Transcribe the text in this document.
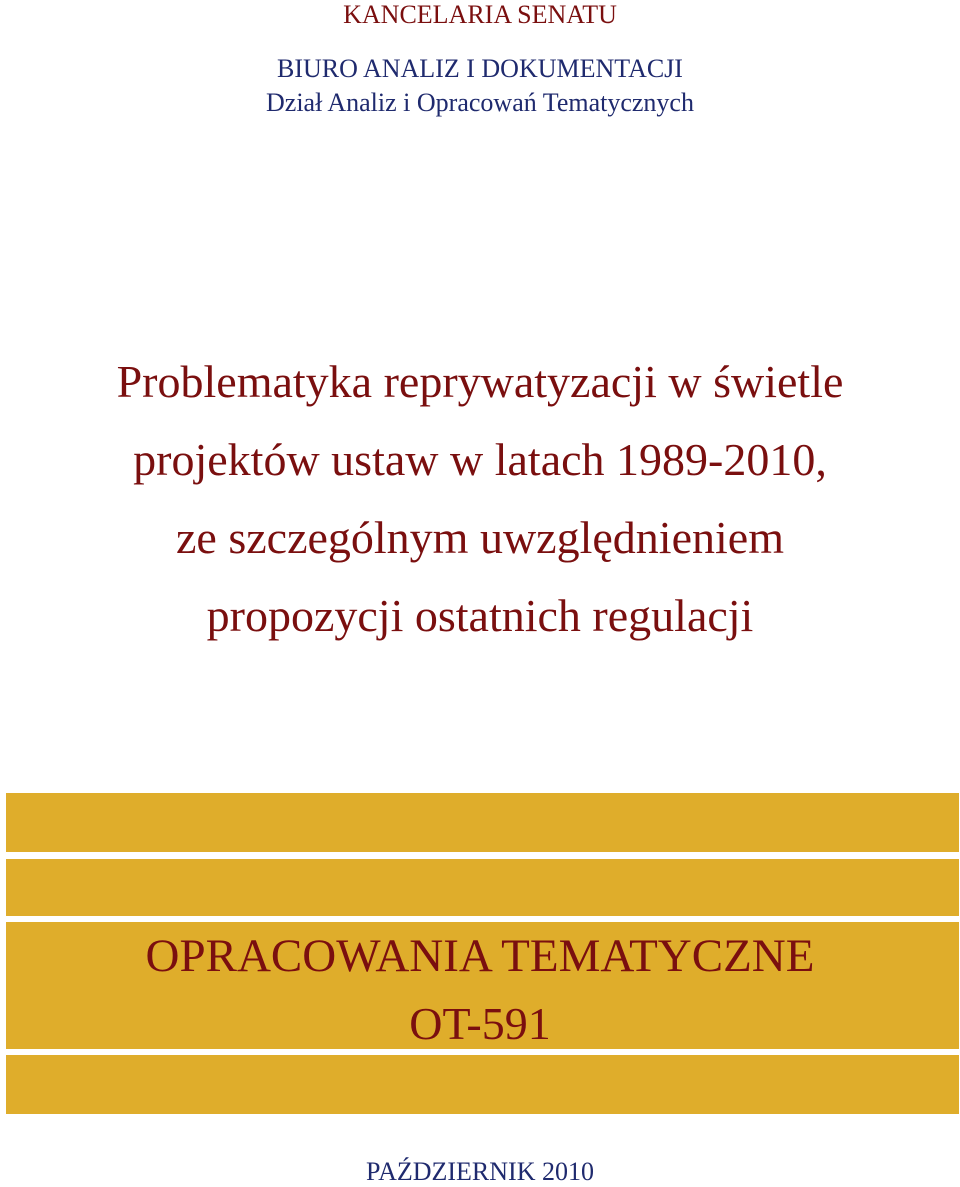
KANCELARIA SENATU
BIURO ANALIZ I DOKUMENTACJI
Dział Analiz i Opracowań Tematycznych
Problematyka reprywatyzacji w świetle
projektów ustaw w latach 1989-2010,
ze szczególnym uwzględnieniem
propozycji ostatnich regulacji
OPRACOWANIA TEMATYCZNE
OT-591
PAŹDZIERNIK 2010
